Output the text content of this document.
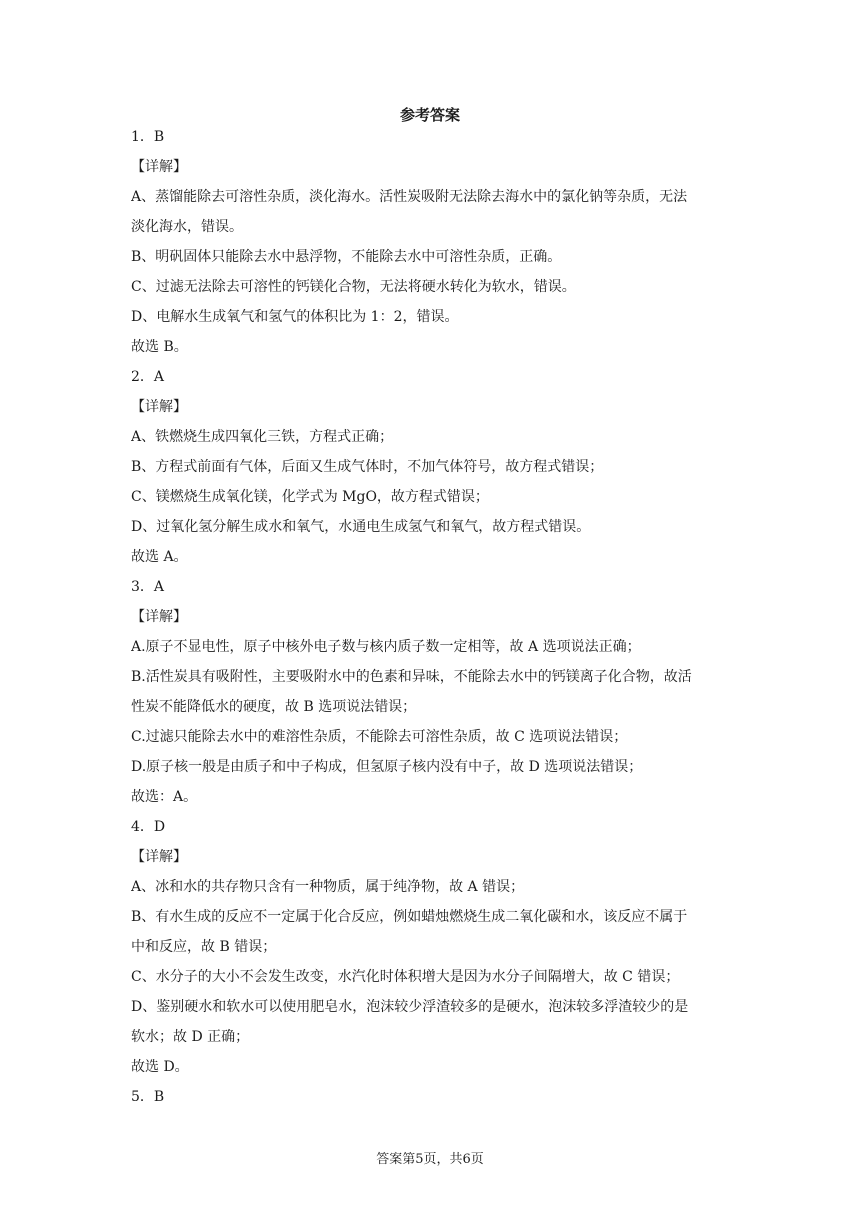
参考答案
1．B
【详解】
A、蒸馏能除去可溶性杂质，淡化海水。活性炭吸附无法除去海水中的氯化钠等杂质，无法
淡化海水，错误。
B、明矾固体只能除去水中悬浮物，不能除去水中可溶性杂质，正确。
C、过滤无法除去可溶性的钙镁化合物，无法将硬水转化为软水，错误。
D、电解水生成氧气和氢气的体积比为 1：2，错误。
故选 B。
2．A
【详解】
A、铁燃烧生成四氧化三铁，方程式正确；
B、方程式前面有气体，后面又生成气体时，不加气体符号，故方程式错误；
C、镁燃烧生成氧化镁，化学式为 MgO，故方程式错误；
D、过氧化氢分解生成水和氧气，水通电生成氢气和氧气，故方程式错误。
故选 A。
3．A
【详解】
A.原子不显电性，原子中核外电子数与核内质子数一定相等，故 A 选项说法正确；
B.活性炭具有吸附性，主要吸附水中的色素和异味，不能除去水中的钙镁离子化合物，故活
性炭不能降低水的硬度，故 B 选项说法错误；
C.过滤只能除去水中的难溶性杂质，不能除去可溶性杂质，故 C 选项说法错误；
D.原子核一般是由质子和中子构成，但氢原子核内没有中子，故 D 选项说法错误；
故选：A。
4．D
【详解】
A、冰和水的共存物只含有一种物质，属于纯净物，故 A 错误；
B、有水生成的反应不一定属于化合反应，例如蜡烛燃烧生成二氧化碳和水，该反应不属于
中和反应，故 B 错误；
C、水分子的大小不会发生改变，水汽化时体积增大是因为水分子间隔增大，故 C 错误；
D、鉴别硬水和软水可以使用肥皂水，泡沫较少浮渣较多的是硬水，泡沫较多浮渣较少的是
软水；故 D 正确；
故选 D。
5．B
答案第5页，共6页
